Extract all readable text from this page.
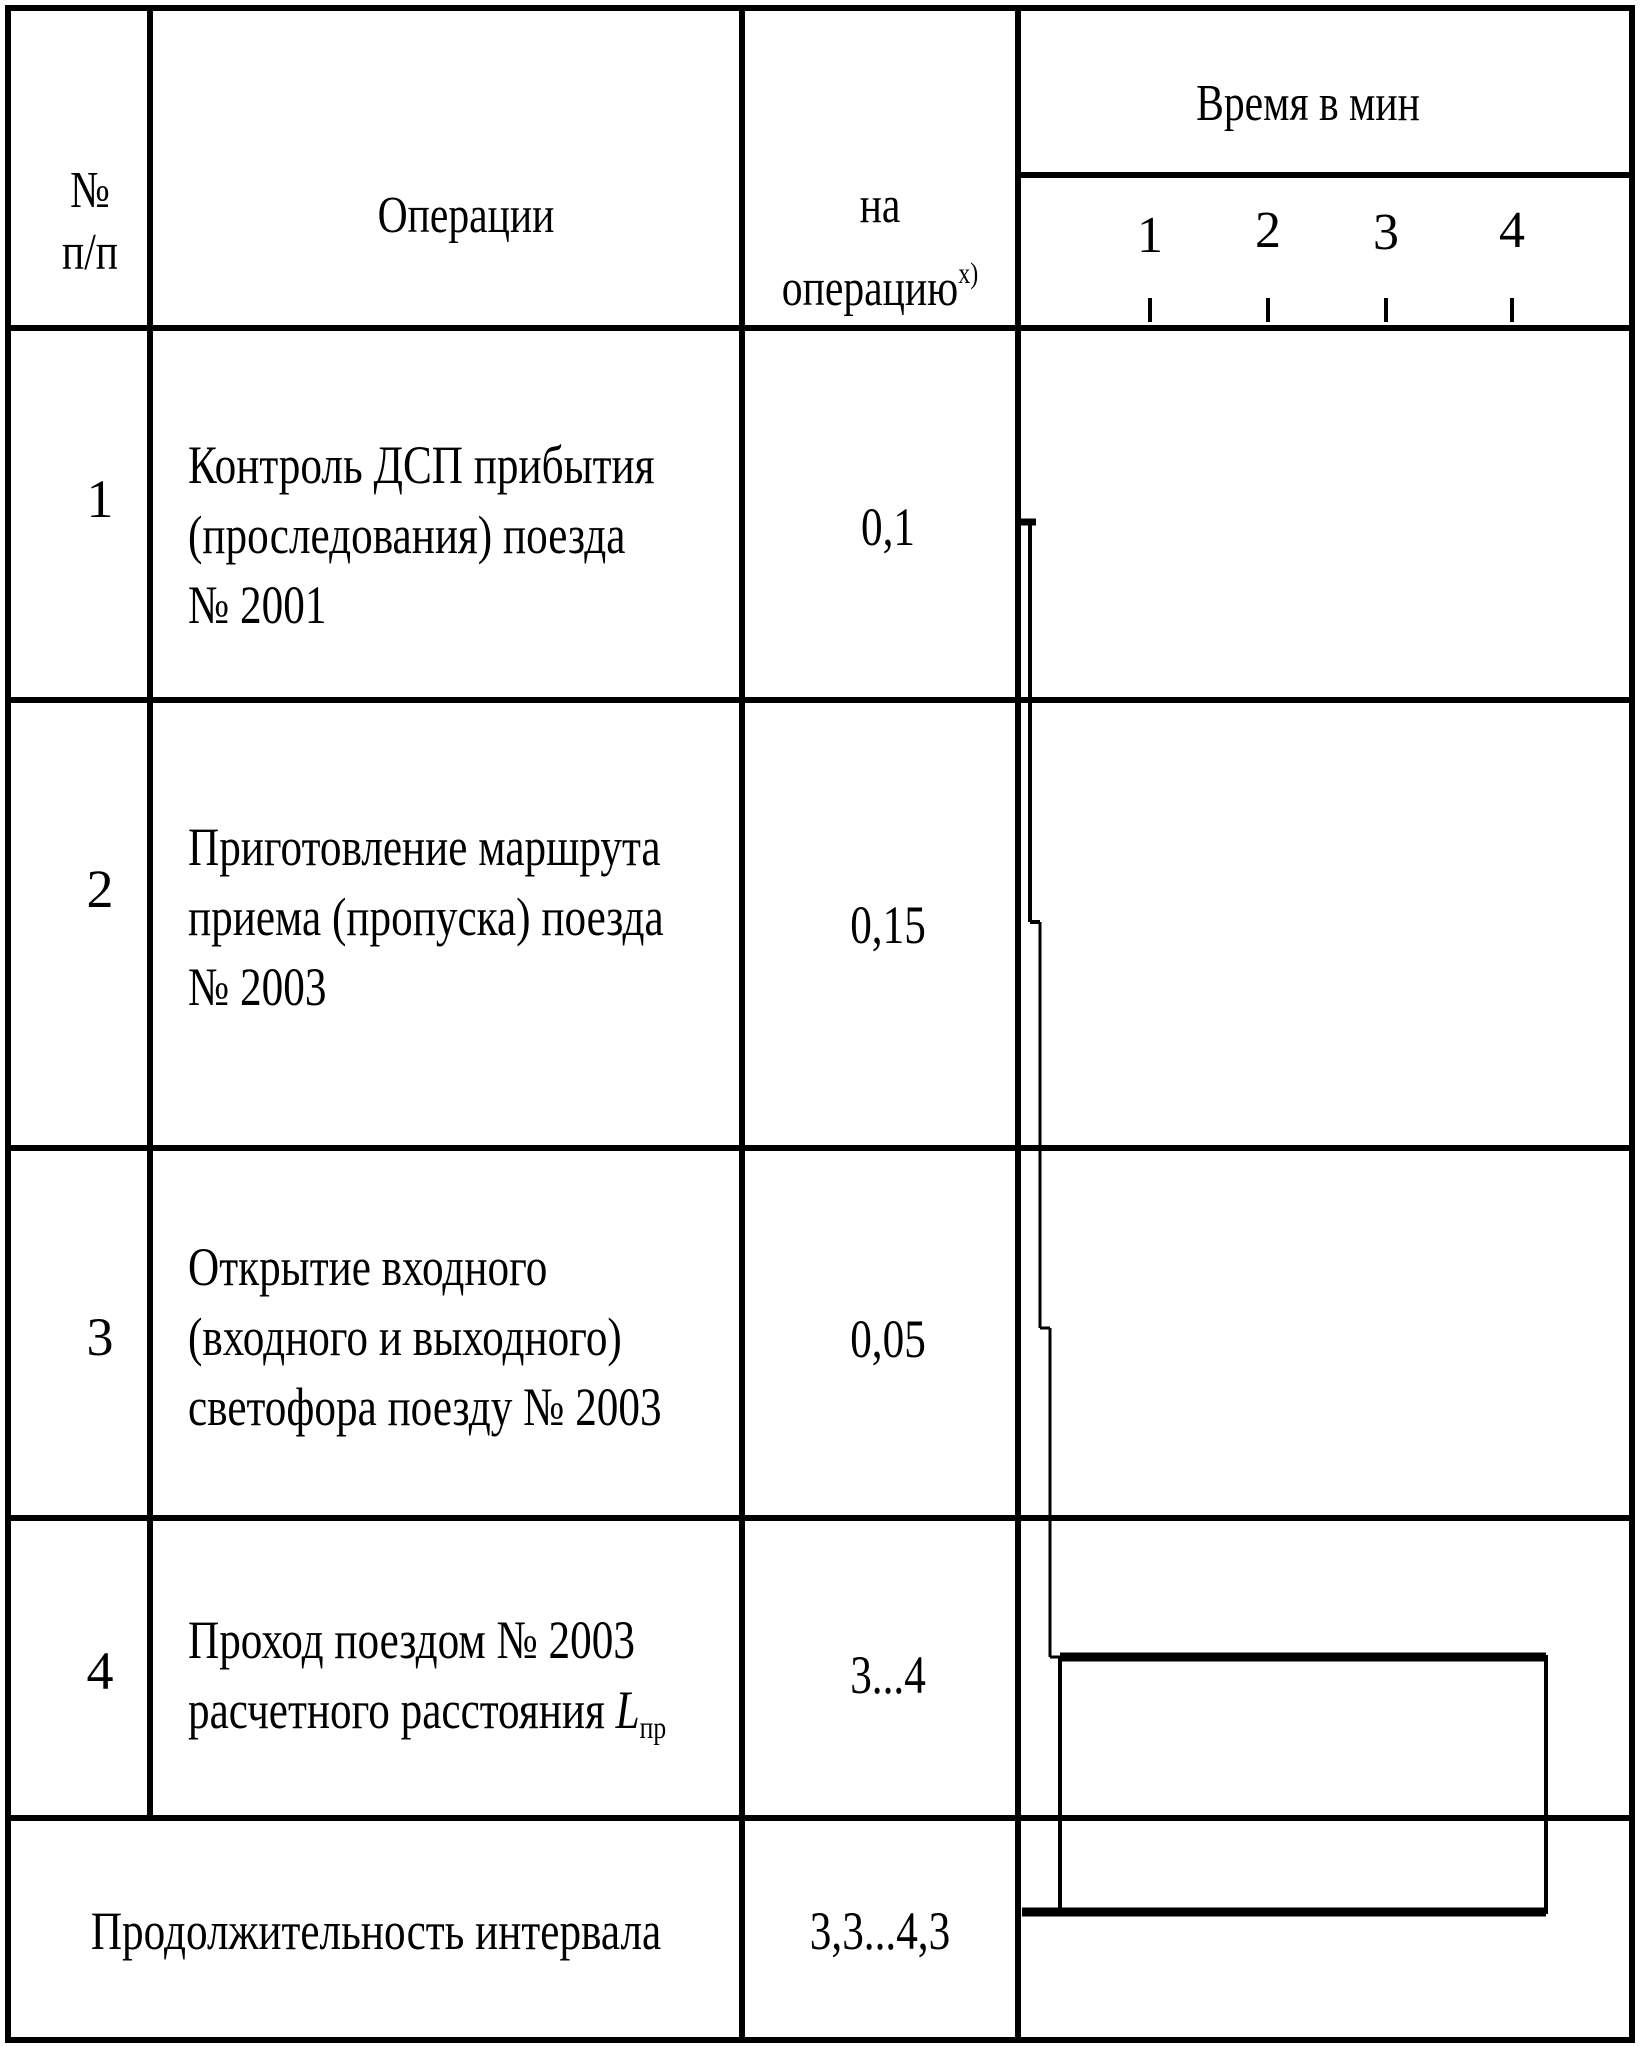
№
п/п
Операции	на
операцию$^{х)}$
Время в мин
1 2 3 4
1
Контроль ДСП прибытия
(проследования) поезда
№ 2001
0,1
2
Приготовление маршрута
приема (пропуска) поезда
№ 2003
0,15
3
Открытие входного
(входного и выходного)
светофора поезду № 2003
0,05
4
Проход поездом № 2003
расчетного расстояния $L_{пр}$
3...4
Продолжительность интервала	3,3...4,3
